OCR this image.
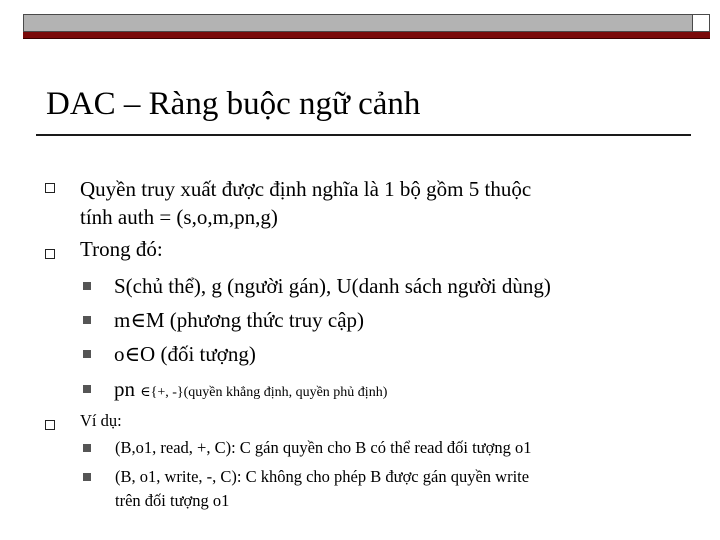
DAC – Ràng buộc ngữ cảnh
Quyền truy xuất được định nghĩa là 1 bộ gồm 5 thuộc
tính auth = (s,o,m,pn,g)
Trong đó:
S(chủ thể), g (người gán), U(danh sách người dùng)
m∈M (phương thức truy cập)
o∈O (đối tượng)
pn ∈{+, -}(quyền khẳng định, quyền phủ định)
Ví dụ:
(B,o1, read, +, C): C gán quyền cho B có thể read đối tượng o1
(B, o1, write, -, C): C không cho phép B được gán quyền write
trên đối tượng o1
